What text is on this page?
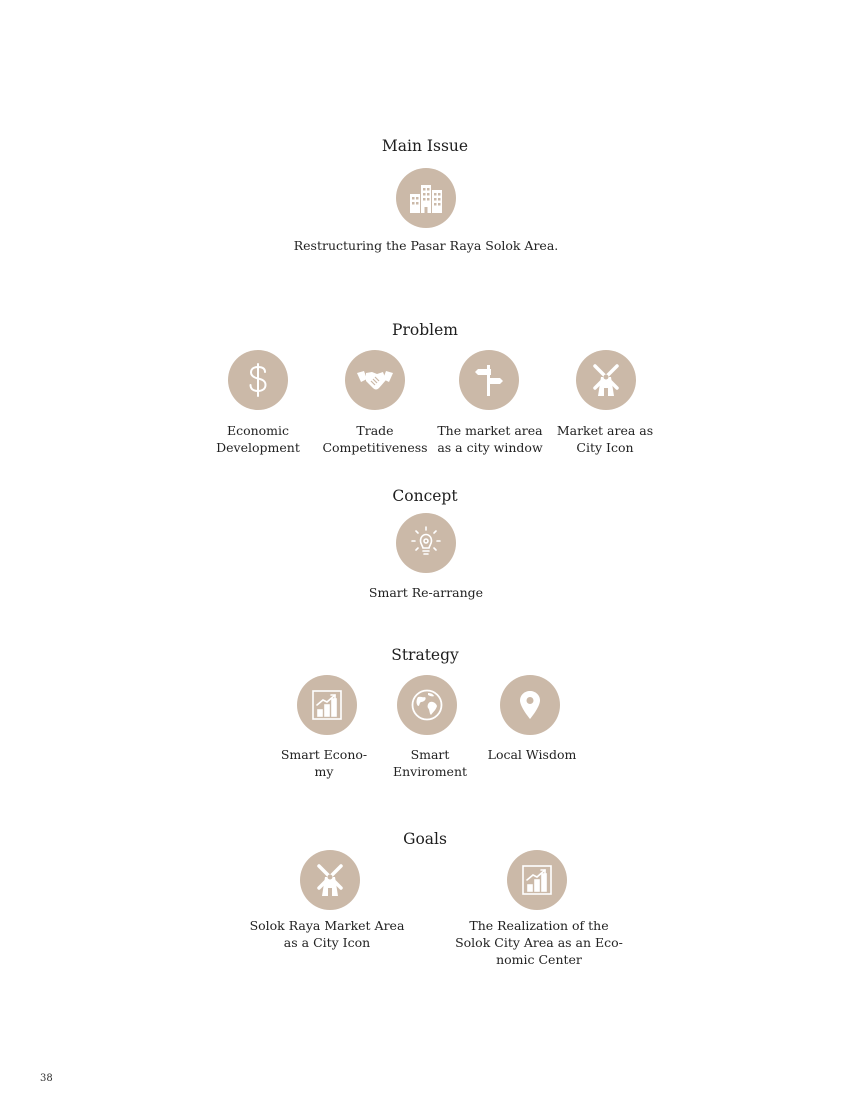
Main Issue
Restructuring the Pasar Raya Solok Area.
Problem
Economic
Development
Trade
Competitiveness
The market area
as a city window
Market area as
City Icon
Concept
Smart Re-arrange
Strategy
Smart Econo-
my
Smart
Enviroment
Local Wisdom
Goals
Solok Raya Market Area
as a City Icon
The Realization of the
Solok City Area as an Eco-
nomic Center
38
